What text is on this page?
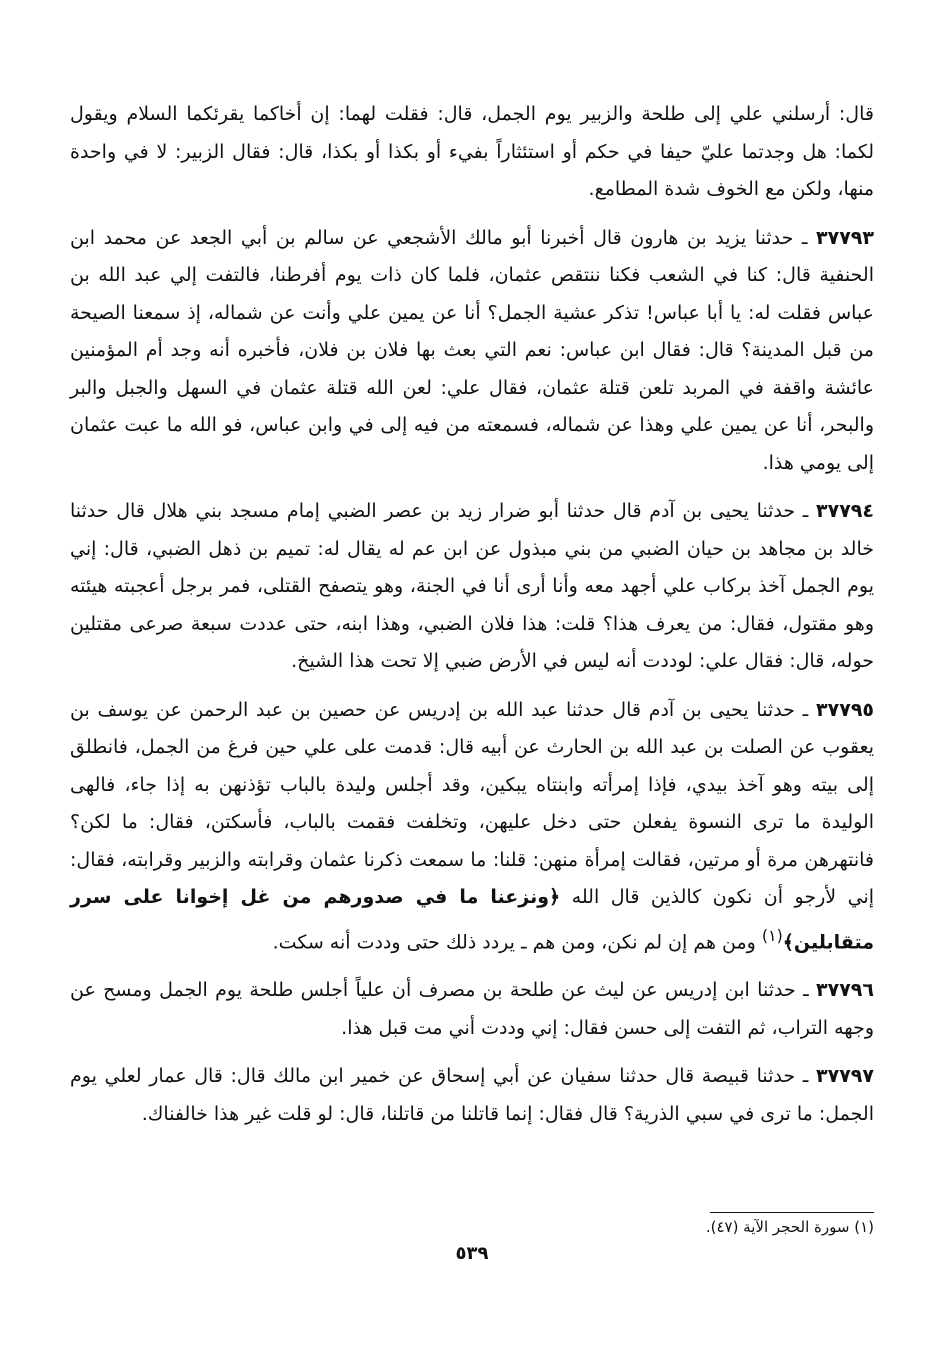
قال: أرسلني علي إلى طلحة والزبير يوم الجمل، قال: فقلت لهما: إن أخاكما يقرئكما السلام ويقول لكما: هل وجدتما عليّ حيفا في حكم أو استئثاراً بفيء أو بكذا أو بكذا، قال: فقال الزبير: لا في واحدة منها، ولكن مع الخوف شدة المطامع.

٣٧٧٩٣ ـ حدثنا يزيد بن هارون قال أخبرنا أبو مالك الأشجعي عن سالم بن أبي الجعد عن محمد ابن الحنفية قال: كنا في الشعب فكنا ننتقص عثمان، فلما كان ذات يوم أفرطنا، فالتفت إلي عبد الله بن عباس فقلت له: يا أبا عباس! تذكر عشية الجمل؟ أنا عن يمين علي وأنت عن شماله، إذ سمعنا الصيحة من قبل المدينة؟ قال: فقال ابن عباس: نعم التي بعث بها فلان بن فلان، فأخبره أنه وجد أم المؤمنين عائشة واقفة في المربد تلعن قتلة عثمان، فقال علي: لعن الله قتلة عثمان في السهل والجبل والبر والبحر، أنا عن يمين علي وهذا عن شماله، فسمعته من فيه إلى في وابن عباس، فو الله ما عبت عثمان إلى يومي هذا.

٣٧٧٩٤ ـ حدثنا يحيى بن آدم قال حدثنا أبو ضرار زيد بن عصر الضبي إمام مسجد بني هلال قال حدثنا خالد بن مجاهد بن حيان الضبي من بني مبذول عن ابن عم له يقال له: تميم بن ذهل الضبي، قال: إني يوم الجمل آخذ بركاب علي أجهد معه وأنا أرى أنا في الجنة، وهو يتصفح القتلى، فمر برجل أعجبته هيئته وهو مقتول، فقال: من يعرف هذا؟ قلت: هذا فلان الضبي، وهذا ابنه، حتى عددت سبعة صرعى مقتلين حوله، قال: فقال علي: لوددت أنه ليس في الأرض ضبي إلا تحت هذا الشيخ.

٣٧٧٩٥ ـ حدثنا يحيى بن آدم قال حدثنا عبد الله بن إدريس عن حصين بن عبد الرحمن عن يوسف بن يعقوب عن الصلت بن عبد الله بن الحارث عن أبيه قال: قدمت على علي حين فرغ من الجمل، فانطلق إلى بيته وهو آخذ بيدي، فإذا إمرأته وابنتاه يبكين، وقد أجلس وليدة بالباب تؤذنهن به إذا جاء، فالهى الوليدة ما ترى النسوة يفعلن حتى دخل عليهن، وتخلفت فقمت بالباب، فأسكتن، فقال: ما لكن؟ فانتهرهن مرة أو مرتين، فقالت إمرأة منهن: قلنا: ما سمعت ذكرنا عثمان وقرابته والزبير وقرابته، فقال: إني لأرجو أن نكون كالذين قال الله ﴿ونزعنا ما في صدورهم من غل إخوانا على سرر متقابلين﴾$^{(١)}$ ومن هم إن لم نكن، ومن هم ـ يردد ذلك حتى وددت أنه سكت.

٣٧٧٩٦ ـ حدثنا ابن إدريس عن ليث عن طلحة بن مصرف أن علياً أجلس طلحة يوم الجمل ومسح عن وجهه التراب، ثم التفت إلى حسن فقال: إني وددت أني مت قبل هذا.

٣٧٧٩٧ ـ حدثنا قبيصة قال حدثنا سفيان عن أبي إسحاق عن خمير ابن مالك قال: قال عمار لعلي يوم الجمل: ما ترى في سبي الذرية؟ قال فقال: إنما قاتلنا من قاتلنا، قال: لو قلت غير هذا خالفناك.

(١) سورة الحجر الآية (٤٧).
٥٣٩
